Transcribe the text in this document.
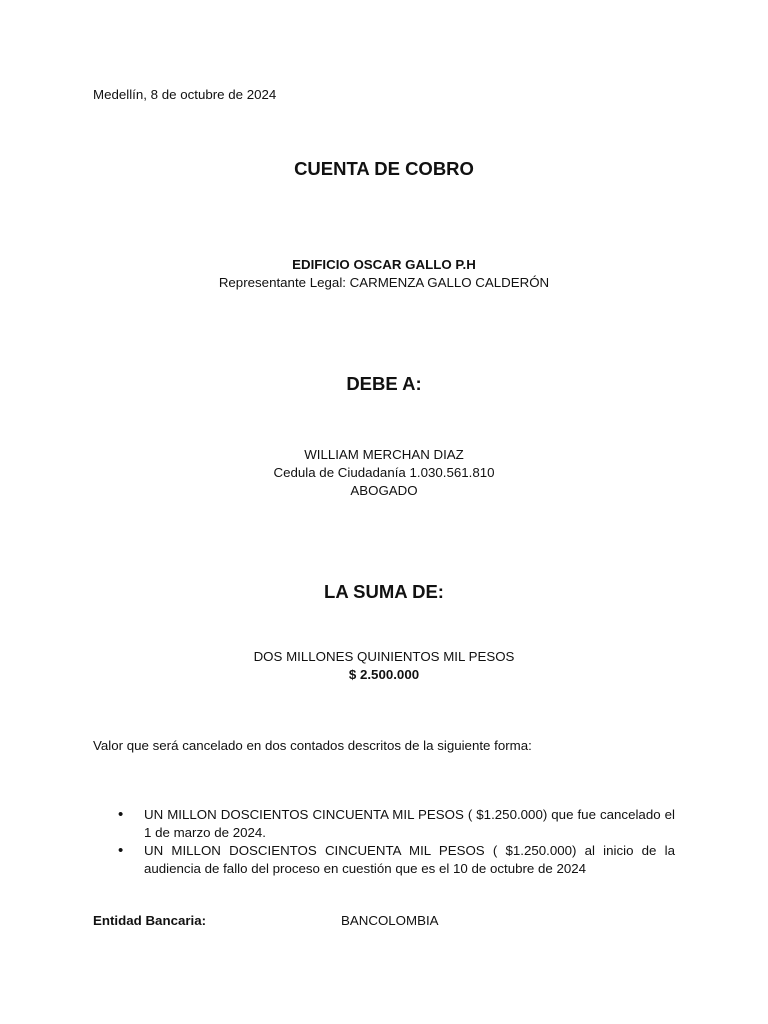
Medellín, 8 de octubre de 2024
CUENTA DE COBRO
EDIFICIO OSCAR GALLO P.H
Representante Legal: CARMENZA GALLO CALDERÓN
DEBE A:
WILLIAM MERCHAN DIAZ
Cedula de Ciudadanía 1.030.561.810
ABOGADO
LA SUMA DE:
DOS MILLONES QUINIENTOS MIL PESOS
$ 2.500.000
Valor que será cancelado en dos contados descritos de la siguiente forma:
• UN MILLON DOSCIENTOS CINCUENTA MIL PESOS ( $1.250.000) que fue cancelado el 1 de marzo de 2024.
• UN MILLON DOSCIENTOS CINCUENTA MIL PESOS ( $1.250.000) al inicio de la audiencia de fallo del proceso en cuestión que es el 10 de octubre de 2024
Entidad Bancaria:	BANCOLOMBIA
